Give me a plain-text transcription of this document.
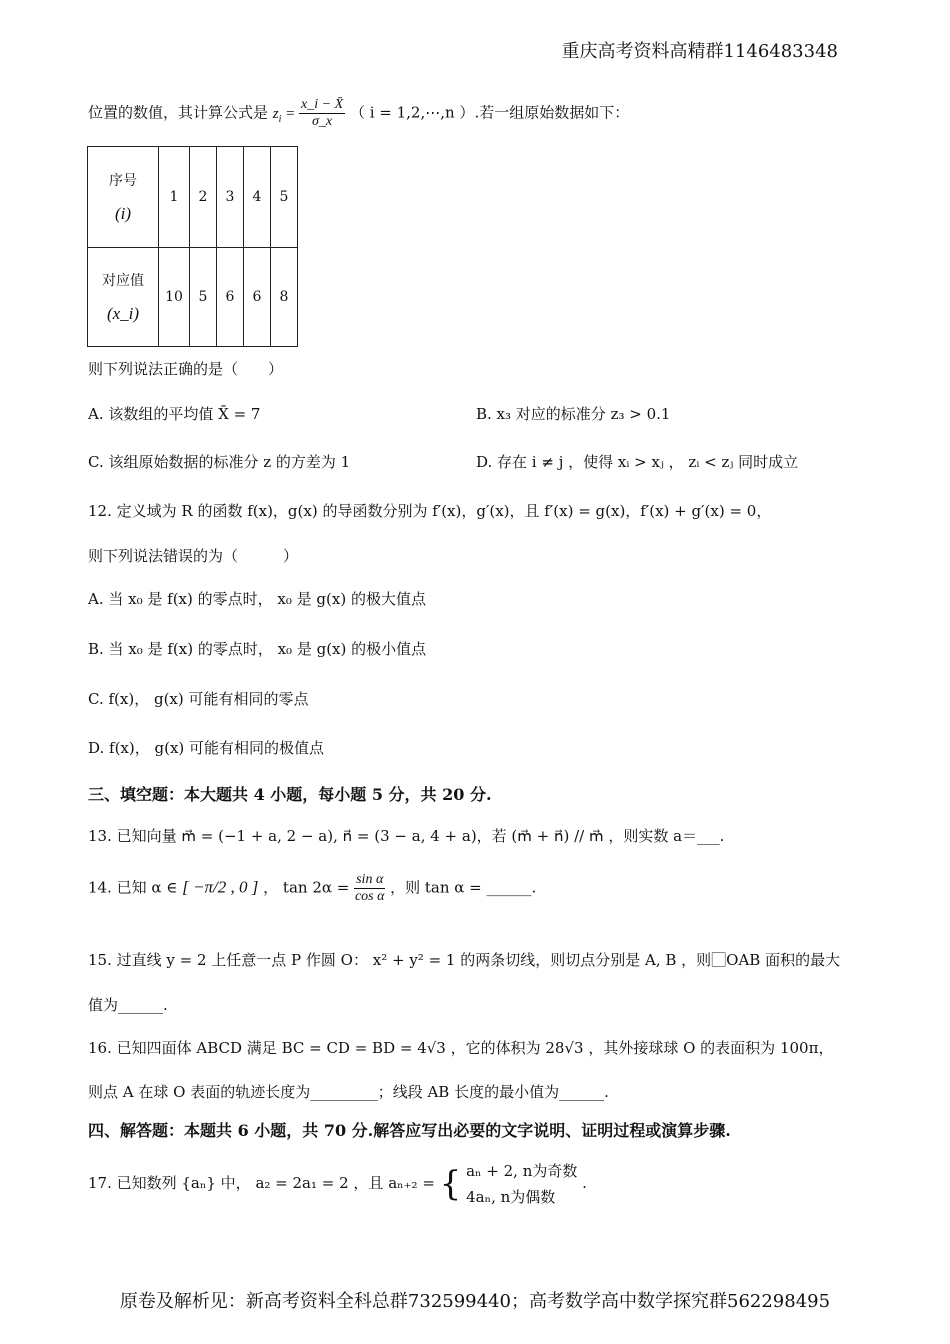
重庆高考资料高精群1146483348
位置的数值，其计算公式是 $z_i = \frac{x\_i - X̄}{\sigma\_x}$ （ i = 1,2,⋯,n ）.若一组原始数据如下：
序号
(i)	1	2	3	4	5

对应值
(x_i)	10	5	6	6	8
则下列说法正确的是（　　）
A. 该数组的平均值 X̄ = 7	B. x₃ 对应的标准分 z₃ > 0.1
C. 该组原始数据的标准分 z 的方差为 1	D. 存在 i ≠ j ，使得 xᵢ > xⱼ ， zᵢ < zⱼ 同时成立
12. 定义域为 R 的函数 f(x)，g(x) 的导函数分别为 f′(x)，g′(x)，且 f′(x) = g(x)，f′(x) + g′(x) = 0，
则下列说法错误的为（　　　）
A. 当 x₀ 是 f(x) 的零点时， x₀ 是 g(x) 的极大值点
B. 当 x₀ 是 f(x) 的零点时， x₀ 是 g(x) 的极小值点
C. f(x)， g(x) 可能有相同的零点
D. f(x)， g(x) 可能有相同的极值点
三、填空题：本大题共 4 小题，每小题 5 分，共 20 分.
13. 已知向量 m⃗ = (−1 + a, 2 − a), n⃗ = (3 − a, 4 + a)，若 (m⃗ + n⃗) // m⃗ ，则实数 a＝___.
14. 已知 α ∈ [ −π/2 , 0 ] ， $\tan 2\alpha = \frac{\text{sin α}}{\text{cos α}}$ ，则 tan α = ______.
15. 过直线 y = 2 上任意一点 P 作圆 O： x² + y² = 1 的两条切线，则切点分别是 A, B ，则⃞OAB 面积的最大
值为______.
16. 已知四面体 ABCD 满足 BC = CD = BD = 4√3 ，它的体积为 28√3 ，其外接球球 O 的表面积为 100π，
则点 A 在球 O 表面的轨迹长度为_________；线段 AB 长度的最小值为______.
四、解答题：本题共 6 小题，共 70 分.解答应写出必要的文字说明、证明过程或演算步骤.
17. 已知数列 {aₙ} 中， a₂ = 2a₁ = 2 ，且 aₙ₊₂ = { aₙ + 2, n为奇数
4aₙ, n为偶数
.
原卷及解析见：新高考资料全科总群732599440；高考数学高中数学探究群562298495
